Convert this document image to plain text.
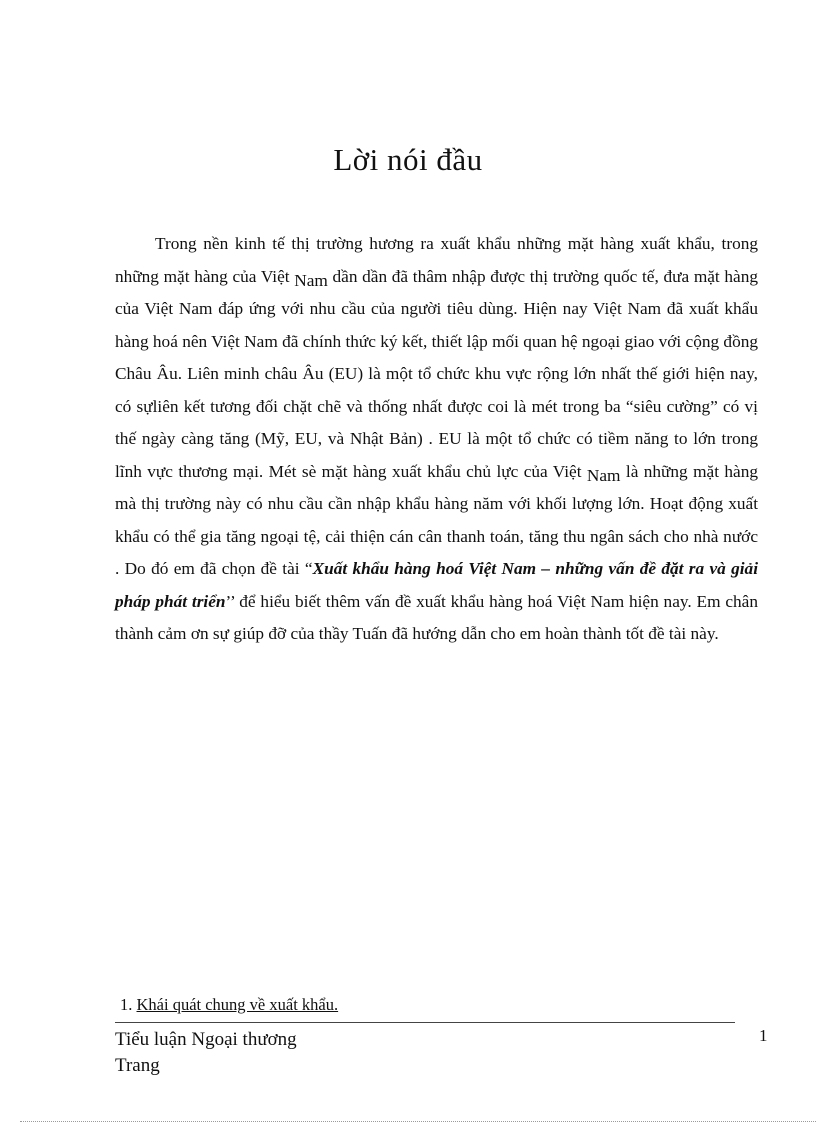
Lời nói đầu

Trong nền kinh tế thị trường hương ra xuất khẩu những mặt hàng xuất khẩu, trong những mặt hàng của Việt Nam dần dần đã thâm nhập được thị trường quốc tế, đưa mặt hàng của Việt Nam đáp ứng với nhu cầu của người tiêu dùng. Hiện nay Việt Nam đã xuất khẩu hàng hoá nên Việt Nam đã chính thức ký kết, thiết lập mối quan hệ ngoại giao với cộng đồng Châu Âu. Liên minh châu Âu (EU) là một tổ chức khu vực rộng lớn nhất thế giới hiện nay, có sựliên kết tương đối chặt chẽ và thống nhất được coi là mét trong ba “siêu cường” có vị thế ngày càng tăng (Mỹ, EU, và Nhật Bản) . EU là một tổ chức có tiềm năng to lớn trong lĩnh vực thương mại. Mét sè mặt hàng xuất khẩu chủ lực của Việt Nam là những mặt hàng mà thị trường này có nhu cầu cần nhập khẩu hàng năm với khối lượng lớn. Hoạt động xuất khẩu có thể gia tăng ngoại tệ, cải thiện cán cân thanh toán, tăng thu ngân sách cho nhà nước . Do đó em đã chọn đề tài “Xuất khẩu hàng hoá Việt Nam – những vấn đề đặt ra và giải pháp phát triển’’ để hiểu biết thêm vấn đề xuất khẩu hàng hoá Việt Nam hiện nay. Em chân thành cảm ơn sự giúp đỡ của thầy Tuấn đã hướng dẫn cho em hoàn thành tốt đề tài này.

1. Khái quát chung về xuất khẩu.

Tiểu luận Ngoại thương
Trang
1
